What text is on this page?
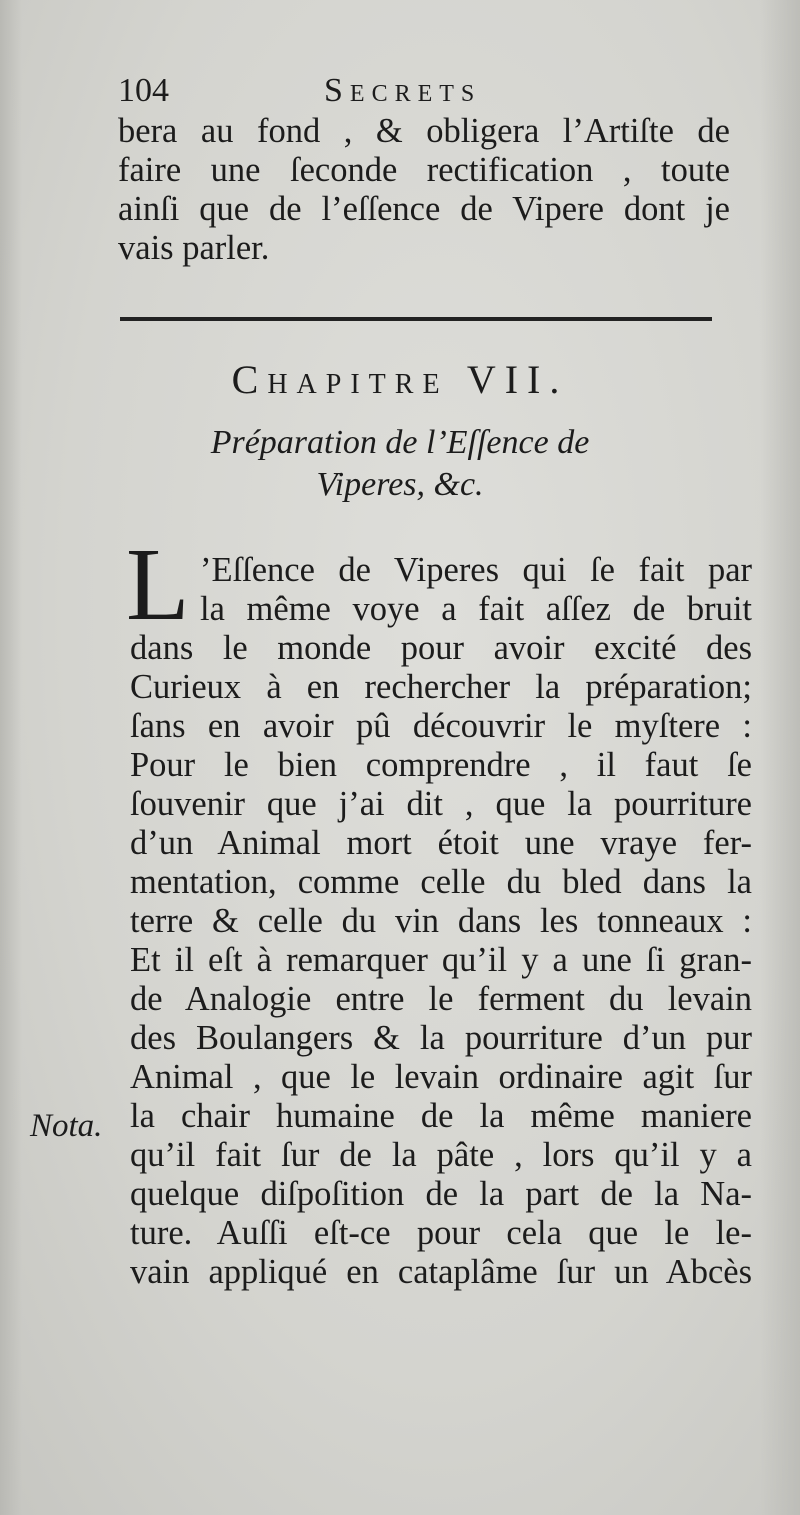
104	Secrets
bera au fond , & obligera l’Artiſte de
faire une ſeconde rectification , toute
ainſi que de l’eſſence de Vipere dont je
vais parler.
Chapitre VII.
Préparation de l’Eſſence de
Viperes, &c.
L ’Eſſence de Viperes qui ſe fait par
la même voye a fait aſſez de bruit
dans le monde pour avoir excité des
Curieux à en rechercher la préparation;
ſans en avoir pû découvrir le myſtere :
Pour le bien comprendre , il faut ſe
ſouvenir que j’ai dit , que la pourriture
d’un Animal mort étoit une vraye fer-
mentation, comme celle du bled dans la
terre & celle du vin dans les tonneaux :
Et il eſt à remarquer qu’il y a une ſi gran-
de Analogie entre le ferment du levain
des Boulangers & la pourriture d’un pur
Animal , que le levain ordinaire agit ſur
la chair humaine de la même maniere
qu’il fait ſur de la pâte , lors qu’il y a
quelque diſpoſition de la part de la Na-
ture. Auſſi eſt-ce pour cela que le le-
vain appliqué en cataplâme ſur un Abcès
Nota.
